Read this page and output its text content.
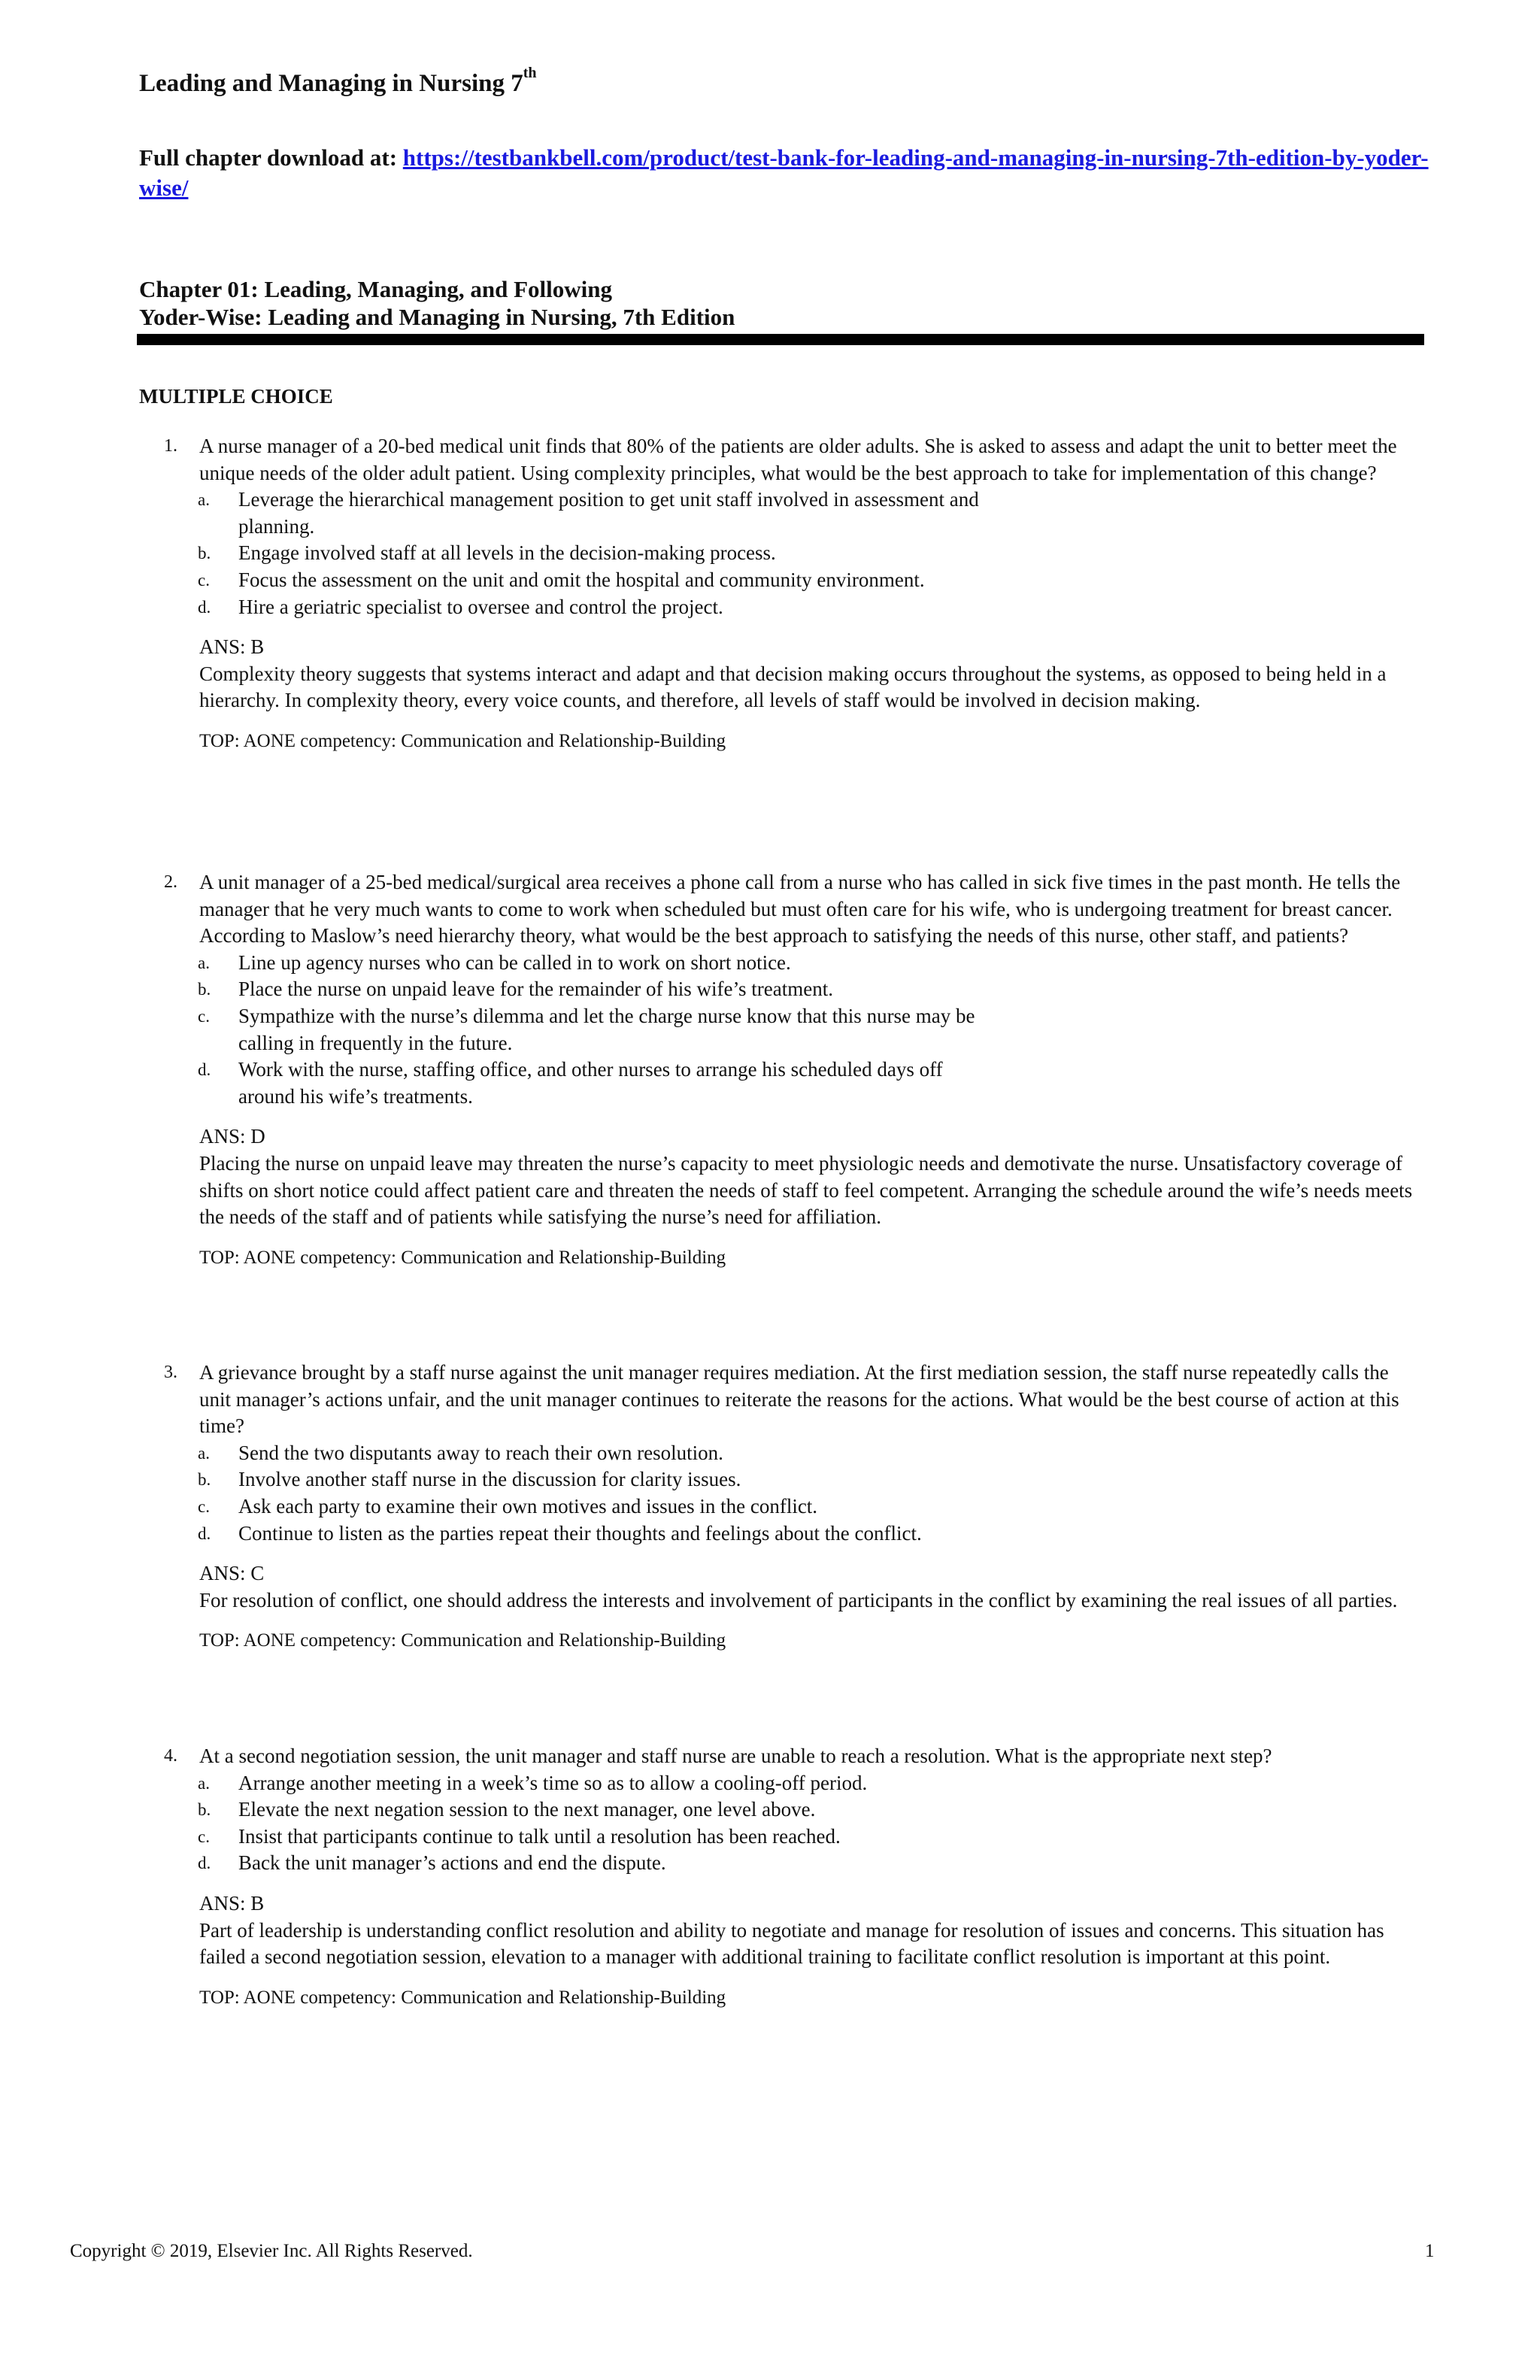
Leading and Managing in Nursing 7th
Full chapter download at: https://testbankbell.com/product/test-bank-for-leading-and-managing-in-nursing-7th-edition-by-yoder-wise/
Chapter 01: Leading, Managing, and Following
Yoder-Wise: Leading and Managing in Nursing, 7th Edition
MULTIPLE CHOICE
1. A nurse manager of a 20-bed medical unit finds that 80% of the patients are older adults. She is asked to assess and adapt the unit to better meet the unique needs of the older adult patient. Using complexity principles, what would be the best approach to take for implementation of this change?
a.	Leverage the hierarchical management position to get unit staff involved in assessment and planning.
b.	Engage involved staff at all levels in the decision-making process.
c.	Focus the assessment on the unit and omit the hospital and community environment.
d.	Hire a geriatric specialist to oversee and control the project.
ANS: B
Complexity theory suggests that systems interact and adapt and that decision making occurs throughout the systems, as opposed to being held in a hierarchy. In complexity theory, every voice counts, and therefore, all levels of staff would be involved in decision making.
TOP: AONE competency: Communication and Relationship-Building
2. A unit manager of a 25-bed medical/surgical area receives a phone call from a nurse who has called in sick five times in the past month. He tells the manager that he very much wants to come to work when scheduled but must often care for his wife, who is undergoing treatment for breast cancer. According to Maslow’s need hierarchy theory, what would be the best approach to satisfying the needs of this nurse, other staff, and patients?
a.	Line up agency nurses who can be called in to work on short notice.
b.	Place the nurse on unpaid leave for the remainder of his wife’s treatment.
c.	Sympathize with the nurse’s dilemma and let the charge nurse know that this nurse may be calling in frequently in the future.
d.	Work with the nurse, staffing office, and other nurses to arrange his scheduled days off around his wife’s treatments.
ANS: D
Placing the nurse on unpaid leave may threaten the nurse’s capacity to meet physiologic needs and demotivate the nurse. Unsatisfactory coverage of shifts on short notice could affect patient care and threaten the needs of staff to feel competent. Arranging the schedule around the wife’s needs meets the needs of the staff and of patients while satisfying the nurse’s need for affiliation.
TOP: AONE competency: Communication and Relationship-Building
3. A grievance brought by a staff nurse against the unit manager requires mediation. At the first mediation session, the staff nurse repeatedly calls the unit manager’s actions unfair, and the unit manager continues to reiterate the reasons for the actions. What would be the best course of action at this time?
a.	Send the two disputants away to reach their own resolution.
b.	Involve another staff nurse in the discussion for clarity issues.
c.	Ask each party to examine their own motives and issues in the conflict.
d.	Continue to listen as the parties repeat their thoughts and feelings about the conflict.
ANS: C
For resolution of conflict, one should address the interests and involvement of participants in the conflict by examining the real issues of all parties.
TOP: AONE competency: Communication and Relationship-Building
4. At a second negotiation session, the unit manager and staff nurse are unable to reach a resolution. What is the appropriate next step?
a.	Arrange another meeting in a week’s time so as to allow a cooling-off period.
b.	Elevate the next negation session to the next manager, one level above.
c.	Insist that participants continue to talk until a resolution has been reached.
d.	Back the unit manager’s actions and end the dispute.
ANS: B
Part of leadership is understanding conflict resolution and ability to negotiate and manage for resolution of issues and concerns. This situation has failed a second negotiation session, elevation to a manager with additional training to facilitate conflict resolution is important at this point.
TOP: AONE competency: Communication and Relationship-Building
Copyright © 2019, Elsevier Inc. All Rights Reserved.	1
